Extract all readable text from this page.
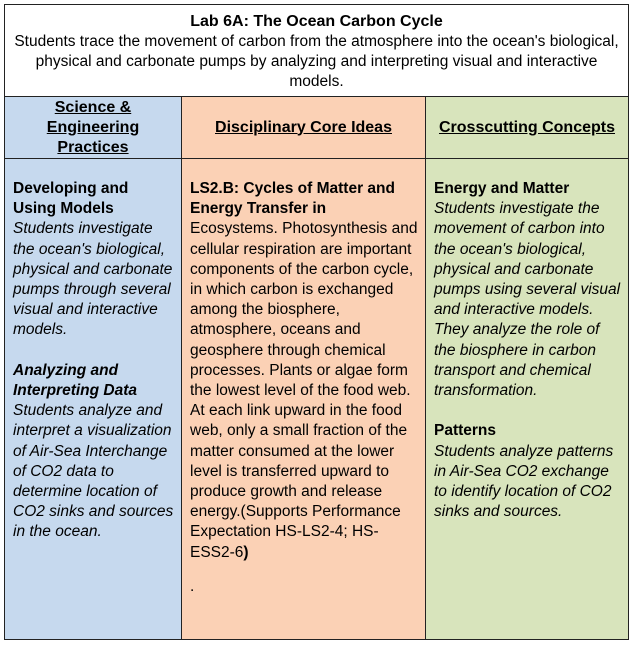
Lab 6A: The Ocean Carbon Cycle
Students trace the movement of carbon from the atmosphere into the ocean's biological, physical and carbonate pumps by analyzing and interpreting visual and interactive models.
Science & Engineering Practices
Developing and Using Models
Students investigate the ocean's biological, physical and carbonate pumps through several visual and interactive models.
Analyzing and Interpreting Data
Students analyze and interpret a visualization of Air-Sea Interchange of CO2 data to determine location of CO2 sinks and sources in the ocean.
Disciplinary Core Ideas
LS2.B: Cycles of Matter and Energy Transfer in
Ecosystems. Photosynthesis and cellular respiration are important components of the carbon cycle, in which carbon is exchanged among the biosphere, atmosphere, oceans and geosphere through chemical processes. Plants or algae form the lowest level of the food web. At each link upward in the food web, only a small fraction of the matter consumed at the lower level is transferred upward to produce growth and release energy.(Supports Performance Expectation HS-LS2-4; HS-ESS2-6)
.
Crosscutting Concepts
Energy and Matter
Students investigate the movement of carbon into the ocean's biological, physical and carbonate pumps using several visual and interactive models. They analyze the role of the biosphere in carbon transport and chemical transformation.
Patterns
Students analyze patterns in Air-Sea CO2 exchange to identify location of CO2 sinks and sources.
